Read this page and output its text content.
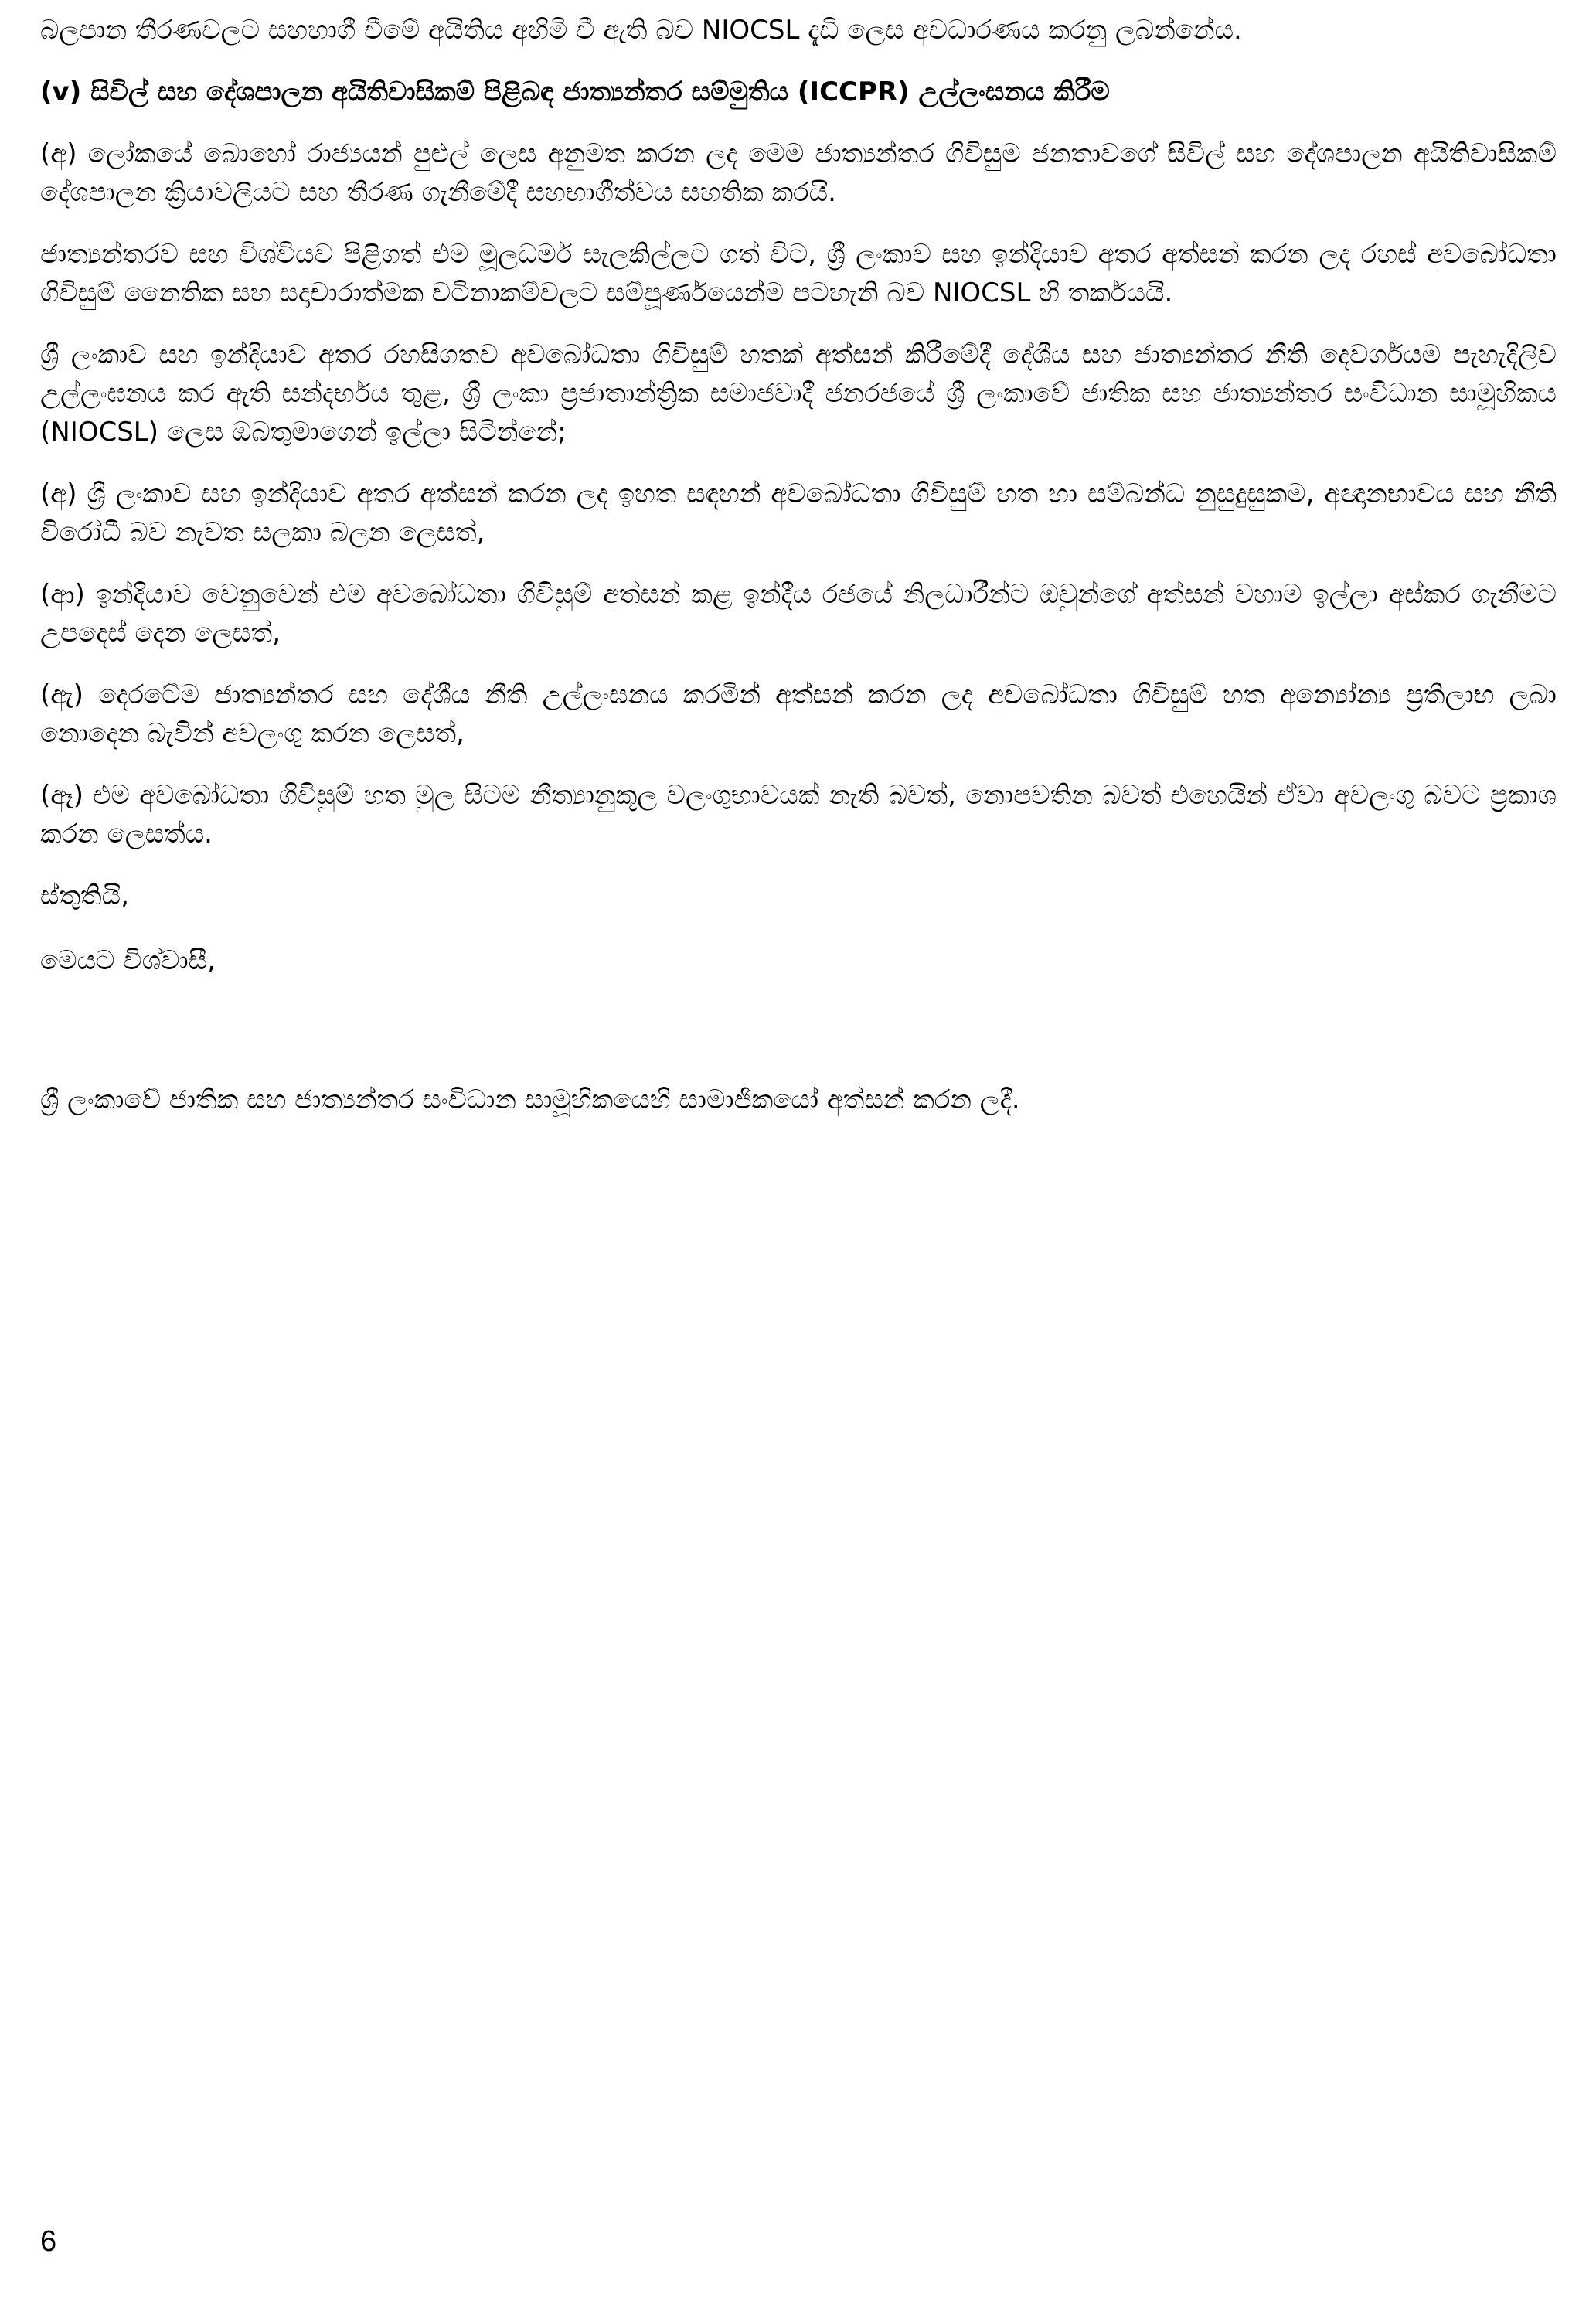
බලපාන තීරණවලට සහභාගී වීමේ අයිතිය අහිමි වී ඇති බව NIOCSL දැඩි ලෙස අවධාරණය කරනු ලබන්නේය.

(v) සිවිල් සහ දේශපාලන අයිතිවාසිකම් පිළිබඳ ජාත්‍යන්තර සම්මුතිය (ICCPR) උල්ලංඝනය කිරීම

(අ) ලෝකයේ බොහෝ රාජ්‍යයන් පුළුල් ලෙස අනුමත කරන ලද මෙම ජාත්‍යන්තර ගිවිසුම ජනතාවගේ සිවිල් සහ දේශපාලන අයිතිවාසිකම් දේශපාලන ක්‍රියාවලියට සහ තීරණ ගැනීමේදී සහභාගීත්වය සහතික කරයි.

ජාත්‍යන්තරව සහ විශ්වීයව පිළිගත් එම මූලධර්ම සැලකිල්ලට ගත් විට, ශ්‍රී ලංකාව සහ ඉන්දියාව අතර අත්සන් කරන ලද රහස් අවබෝධතා ගිවිසුම් නෛතික සහ සදාචාරාත්මක වටිනාකම්වලට සම්පූර්ණයෙන්ම පටහැනි බව NIOCSL හි තර්කයයි.

ශ්‍රී ලංකාව සහ ඉන්දියාව අතර රහසිගතව අවබෝධතා ගිවිසුම් හතක් අත්සන් කිරීමේදී දේශීය සහ ජාත්‍යන්තර නීති දෙවර්ගයම පැහැදිලිව උල්ලංඝනය කර ඇති සන්දර්භය තුළ, ශ්‍රී ලංකා ප්‍රජාතාන්ත්‍රික සමාජවාදී ජනරජයේ ශ්‍රී ලංකාවේ ජාතික සහ ජාත්‍යන්තර සංවිධාන සාමූහිකය (NIOCSL) ලෙස ඔබතුමාගෙන් ඉල්ලා සිටින්නේ;

(අ) ශ්‍රී ලංකාව සහ ඉන්දියාව අතර අත්සන් කරන ලද ඉහත සඳහන් අවබෝධතා ගිවිසුම් හත හා සම්බන්ධ නුසුදුසුකම, අඥානභාවය සහ නීති විරෝධී බව නැවත සලකා බලන ලෙසත්,

(ආ) ඉන්දියාව වෙනුවෙන් එම අවබෝධතා ගිවිසුම් අත්සන් කළ ඉන්දීය රජයේ නිලධාරීන්ට ඔවුන්ගේ අත්සන් වහාම ඉල්ලා අස්කර ගැනීමට උපදෙස් දෙන ලෙසත්,

(ඇ) දෙරටේම ජාත්‍යන්තර සහ දේශීය නීති උල්ලංඝනය කරමින් අත්සන් කරන ලද අවබෝධතා ගිවිසුම් හත අන්‍යෝන්‍ය ප්‍රතිලාභ ලබා නොදෙන බැවින් අවලංගු කරන ලෙසත්,

(ඈ) එම අවබෝධතා ගිවිසුම් හත මුල සිටම නීත්‍යානුකූල වලංගුභාවයක් නැති බවත්, නොපවතින බවත් එහෙයින් ඒවා අවලංගු බවට ප්‍රකාශ කරන ලෙසත්ය.

ස්තුතියි,

මෙයට විශ්වාසී,

ශ්‍රී ලංකාවේ ජාතික සහ ජාත්‍යන්තර සංවිධාන සාමූහිකයෙහි සාමාජිකයෝ අත්සන් කරන ලදී.

6
